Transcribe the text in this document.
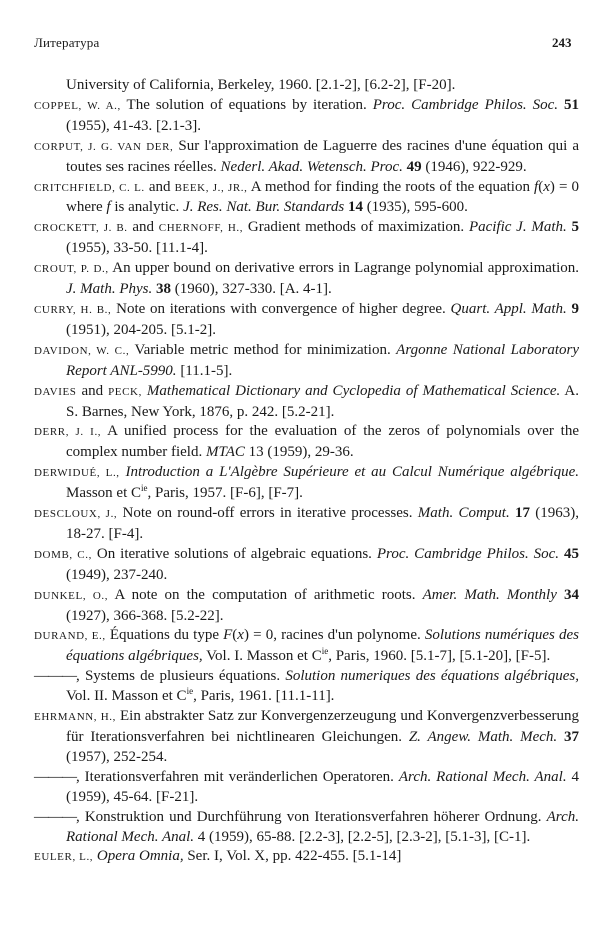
Литература	243

University of California, Berkeley, 1960. [2.1-2], [6.2-2], [F-20].

COPPEL, W. A., The solution of equations by iteration. Proc. Cambridge Philos. Soc. 51 (1955), 41-43. [2.1-3].

CORPUT, J. G. VAN DER, Sur l'approximation de Laguerre des racines d'une équation qui a toutes ses racines réelles. Nederl. Akad. Wetensch. Proc. 49 (1946), 922-929.

CRITCHFIELD, C. L. and BEEK, J., JR., A method for finding the roots of the equation f(x) = 0 where f is analytic. J. Res. Nat. Bur. Standards 14 (1935), 595-600.

CROCKETT, J. B. and CHERNOFF, H., Gradient methods of maximization. Pacific J. Math. 5 (1955), 33-50. [11.1-4].

CROUT, P. D., An upper bound on derivative errors in Lagrange polynomial approximation. J. Math. Phys. 38 (1960), 327-330. [A. 4-1].

CURRY, H. B., Note on iterations with convergence of higher degree. Quart. Appl. Math. 9 (1951), 204-205. [5.1-2].

DAVIDON, W. C., Variable metric method for minimization. Argonne National Laboratory Report ANL-5990. [11.1-5].

DAVIES and PECK, Mathematical Dictionary and Cyclopedia of Mathematical Science. A. S. Barnes, New York, 1876, p. 242. [5.2-21].

DERR, J. I., A unified process for the evaluation of the zeros of polynomials over the complex number field. MTAC 13 (1959), 29-36.

DERWIDUÉ, L., Introduction a L'Algèbre Supérieure et au Calcul Numérique algébrique. Masson et $C^{ie}$, Paris, 1957. [F-6], [F-7].

DESCLOUX, J., Note on round-off errors in iterative processes. Math. Comput. 17 (1963), 18-27. [F-4].

DOMB, C., On iterative solutions of algebraic equations. Proc. Cambridge Philos. Soc. 45 (1949), 237-240.

DUNKEL, O., A note on the computation of arithmetic roots. Amer. Math. Monthly 34 (1927), 366-368. [5.2-22].

DURAND, E., Équations du type F(x) = 0, racines d'un polynome. Solutions numériques des équations algébriques, Vol. I. Masson et $C^{ie}$, Paris, 1960. [5.1-7], [5.1-20], [F-5].

———, Systems de plusieurs équations. Solution numeriques des équations algébriques, Vol. II. Masson et $C^{ie}$, Paris, 1961. [11.1-11].

EHRMANN, H., Ein abstrakter Satz zur Konvergenzerzeugung und Konvergenzverbesserung für Iterationsverfahren bei nichtlinearen Gleichungen. Z. Angew. Math. Mech. 37 (1957), 252-254.

———, Iterationsverfahren mit veränderlichen Operatoren. Arch. Rational Mech. Anal. 4 (1959), 45-64. [F-21].

———, Konstruktion und Durchführung von Iterationsverfahren höherer Ordnung. Arch. Rational Mech. Anal. 4 (1959), 65-88. [2.2-3], [2.2-5], [2.3-2], [5.1-3], [C-1].

EULER, L., Opera Omnia, Ser. I, Vol. X, pp. 422-455. [5.1-14]
